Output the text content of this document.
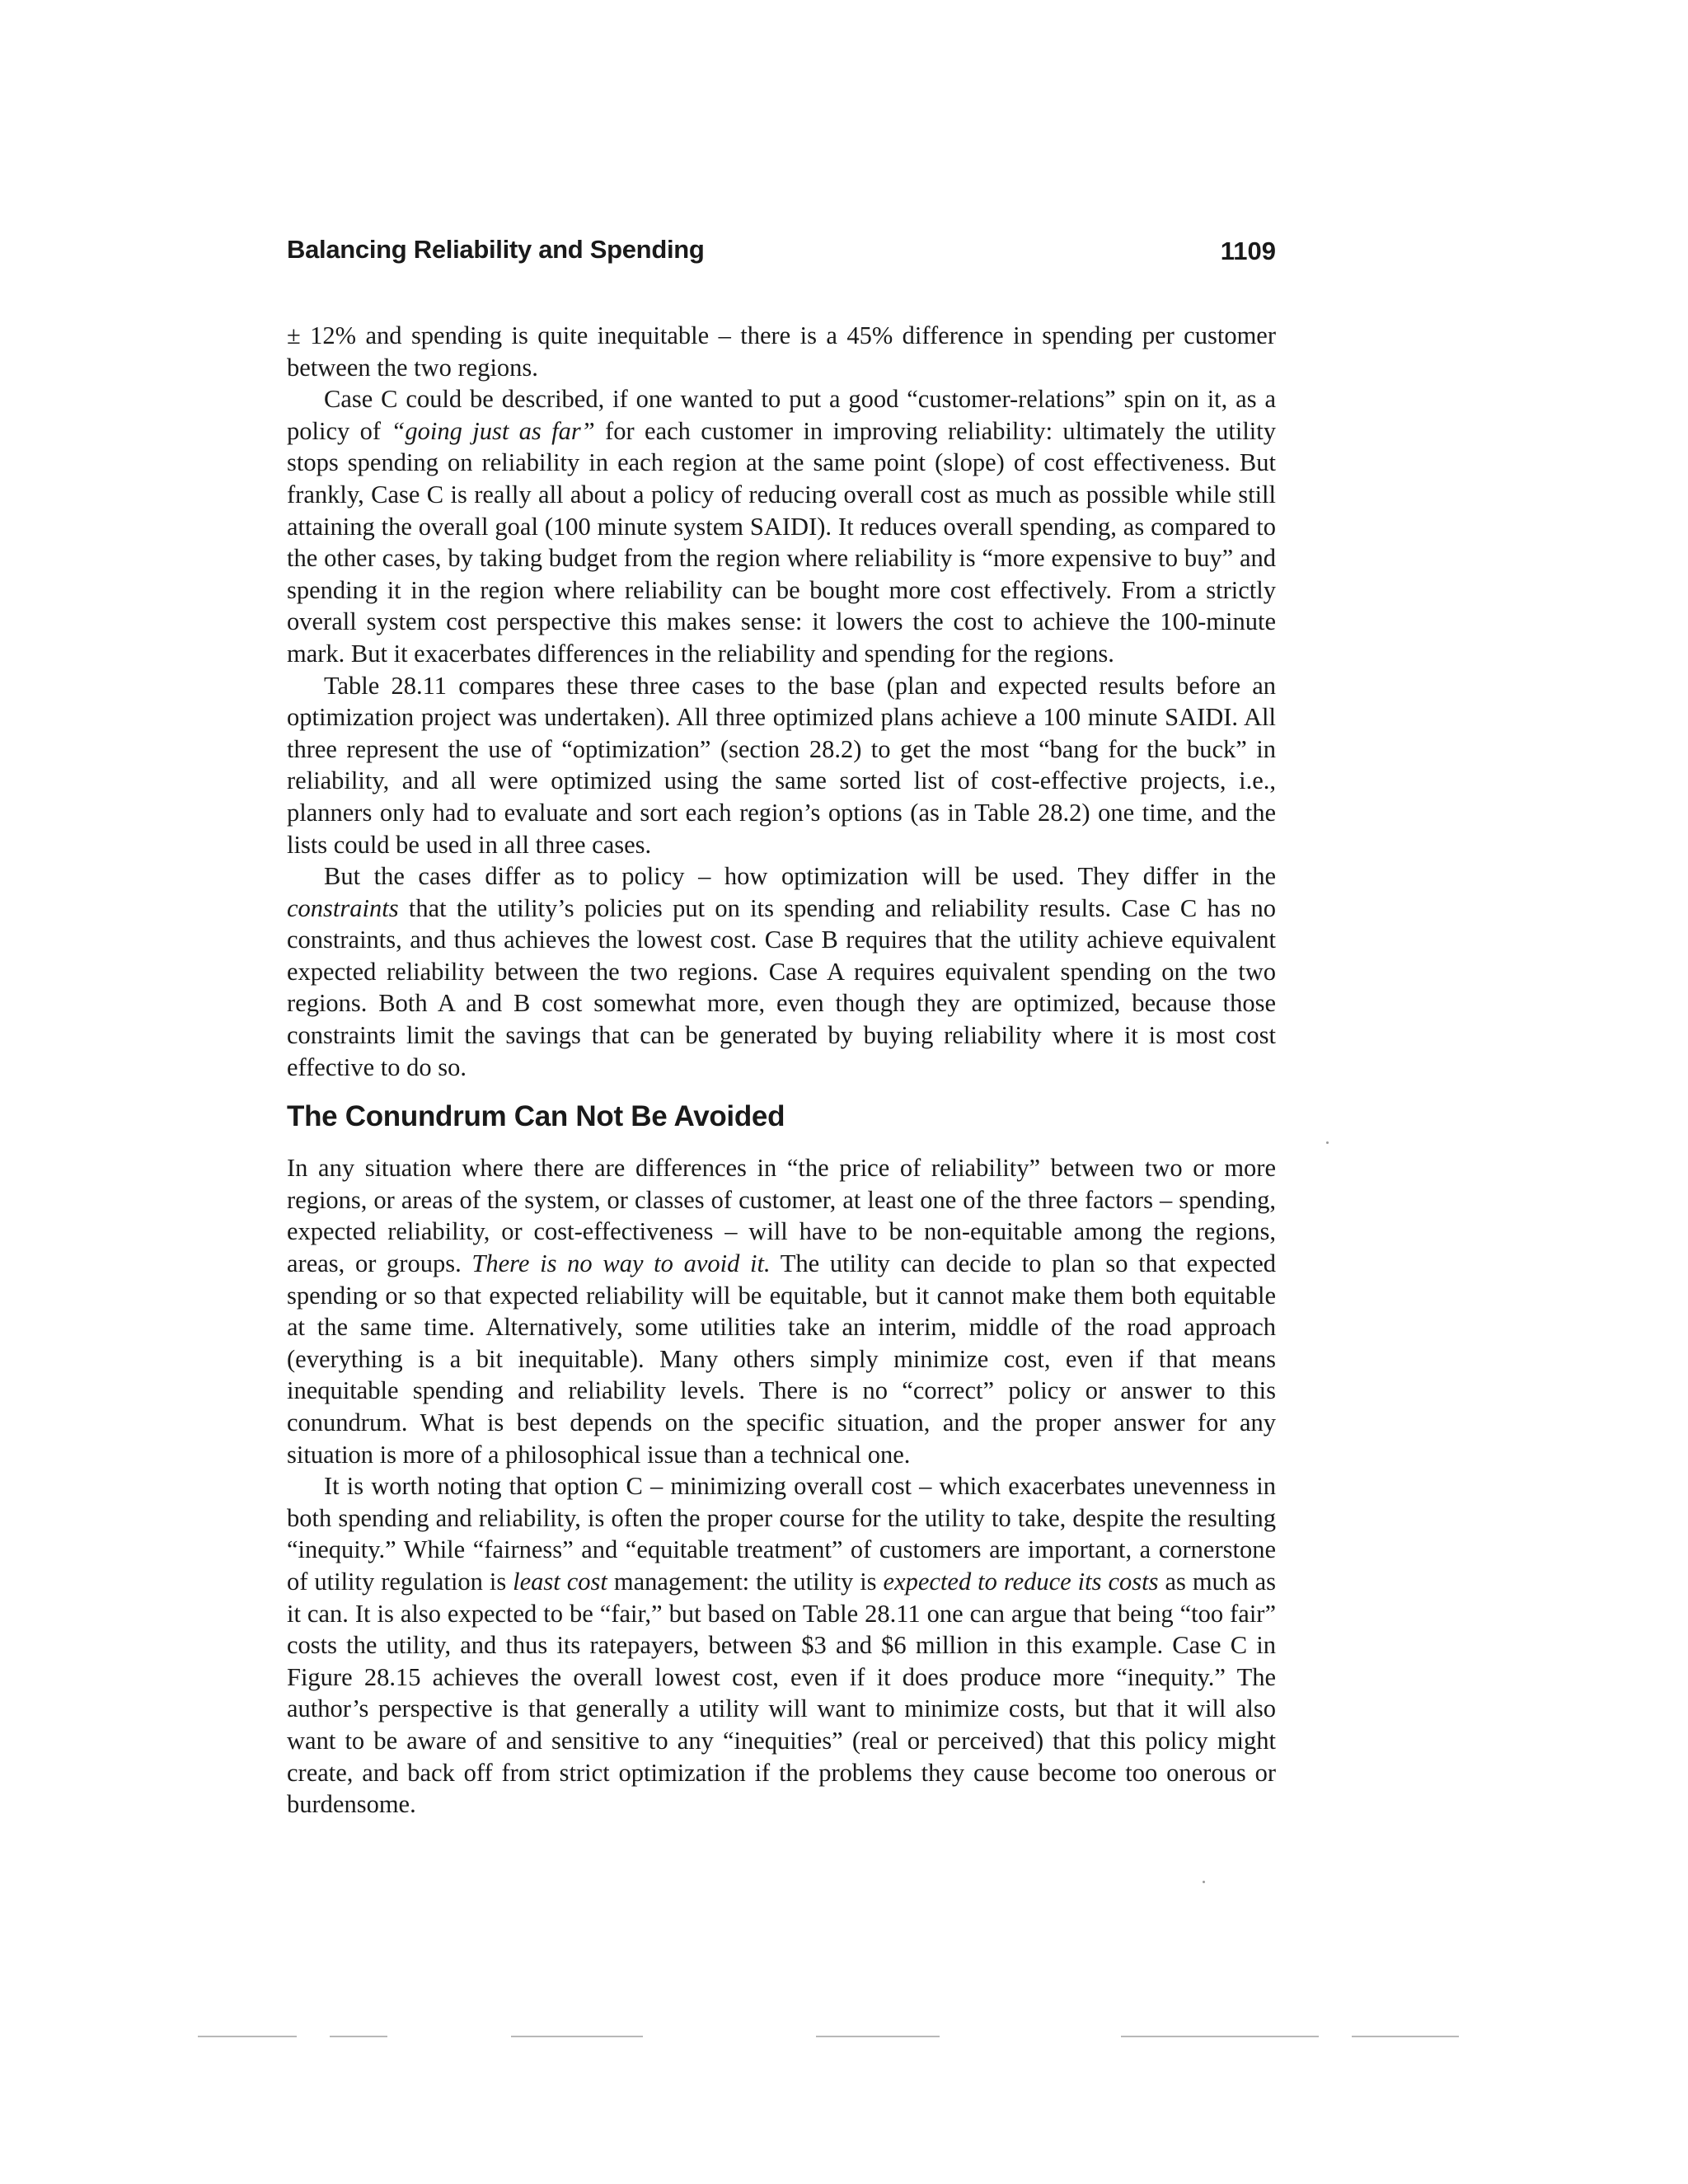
Balancing Reliability and Spending	1109

± 12% and spending is quite inequitable – there is a 45% difference in spending per customer between the two regions.

Case C could be described, if one wanted to put a good “customer-relations” spin on it, as a policy of “going just as far” for each customer in improving reliability: ultimately the utility stops spending on reliability in each region at the same point (slope) of cost effectiveness. But frankly, Case C is really all about a policy of reducing overall cost as much as possible while still attaining the overall goal (100 minute system SAIDI). It reduces overall spending, as compared to the other cases, by taking budget from the region where reliability is “more expensive to buy” and spending it in the region where reliability can be bought more cost effectively. From a strictly overall system cost perspective this makes sense: it lowers the cost to achieve the 100-minute mark. But it exacerbates differences in the reliability and spending for the regions.

Table 28.11 compares these three cases to the base (plan and expected results before an optimization project was undertaken). All three optimized plans achieve a 100 minute SAIDI. All three represent the use of “optimization” (section 28.2) to get the most “bang for the buck” in reliability, and all were optimized using the same sorted list of cost-effective projects, i.e., planners only had to evaluate and sort each region’s options (as in Table 28.2) one time, and the lists could be used in all three cases.

But the cases differ as to policy – how optimization will be used. They differ in the constraints that the utility’s policies put on its spending and reliability results. Case C has no constraints, and thus achieves the lowest cost. Case B requires that the utility achieve equivalent expected reliability between the two regions. Case A requires equivalent spending on the two regions. Both A and B cost somewhat more, even though they are optimized, because those constraints limit the savings that can be generated by buying reliability where it is most cost effective to do so.

The Conundrum Can Not Be Avoided

In any situation where there are differences in “the price of reliability” between two or more regions, or areas of the system, or classes of customer, at least one of the three factors – spending, expected reliability, or cost-effectiveness – will have to be non-equitable among the regions, areas, or groups. There is no way to avoid it. The utility can decide to plan so that expected spending or so that expected reliability will be equitable, but it cannot make them both equitable at the same time. Alternatively, some utilities take an interim, middle of the road approach (everything is a bit inequitable). Many others simply minimize cost, even if that means inequitable spending and reliability levels. There is no “correct” policy or answer to this conundrum. What is best depends on the specific situation, and the proper answer for any situation is more of a philosophical issue than a technical one.

It is worth noting that option C – minimizing overall cost – which exacerbates unevenness in both spending and reliability, is often the proper course for the utility to take, despite the resulting “inequity.” While “fairness” and “equitable treatment” of customers are important, a cornerstone of utility regulation is least cost management: the utility is expected to reduce its costs as much as it can. It is also expected to be “fair,” but based on Table 28.11 one can argue that being “too fair” costs the utility, and thus its ratepayers, between $3 and $6 million in this example. Case C in Figure 28.15 achieves the overall lowest cost, even if it does produce more “inequity.” The author’s perspective is that generally a utility will want to minimize costs, but that it will also want to be aware of and sensitive to any “inequities” (real or perceived) that this policy might create, and back off from strict optimization if the problems they cause become too onerous or burdensome.
